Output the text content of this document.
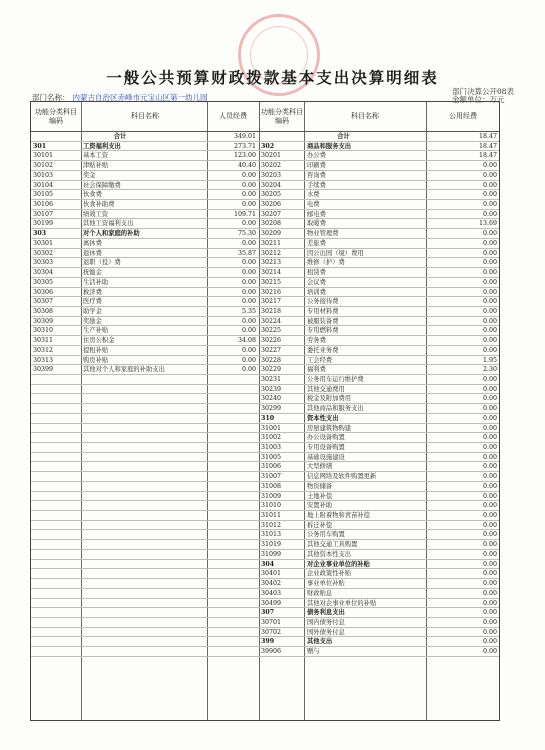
一般公共预算财政拨款基本支出决算明细表
部门名称： 内蒙古自治区赤峰市元宝山区第一幼儿园
部门决算公开08表
金额单位：万元
功能分类科目编码
科目名称	人员经费	功能分类科目编码
科目名称	公用经费
合计	349.01	合计	18.47
301	工资福利支出	273.71 302	商品和服务支出	18.47
30101	基本工资	123.00 30201	办公费	18.47
30102	津贴补贴	40.40 30202	印刷费	0.00
30103	奖金	0.00 30203	咨询费	0.00
30104	社会保障缴费	0.00 30204	手续费	0.00
30105	伙食费	0.00 30205	水费	0.00
30106	伙食补助费	0.00 30206	电费	0.00
30107	绩效工资	109.71 30207	邮电费	0.00
30199	其他工资福利支出	0.00 30208	取暖费	13.69
303	对个人和家庭的补助	75.30 30209	物业管理费	0.00
30301	离休费	0.00 30211	差旅费	0.00
30302	退休费	35.87 30212	因公出国（境）费用	0.00
30303	退职（役）费	0.00 30213	维修（护）费	0.00
30304	抚恤金	0.00 30214	租赁费	0.00
30305	生活补助	0.00 30215	会议费	0.00
30306	救济费	0.00 30216	培训费	0.00
30307	医疗费	0.00 30217	公务接待费	0.00
30308	助学金	5.35 30218	专用材料费	0.00
30309	奖励金	0.00 30224	被服装备费	0.00
30310	生产补贴	0.00 30225	专用燃料费	0.00
30311	住房公积金	34.08 30226	劳务费	0.00
30312	提租补贴	0.00 30227	委托业务费	0.00
30313	购房补贴	0.00 30228	工会经费	1.95
30399	其他对个人和家庭的补助支出	0.00 30229	福利费	2.30
30231	公务用车运行维护费	0.00
30239	其他交通费用	0.00
30240	税金及附加费用	0.00
30299	其他商品和服务支出	0.00
310	资本性支出	0.00
31001	房屋建筑物购建	0.00
31002	办公设备购置	0.00
31003	专用设备购置	0.00
31005	基础设施建设	0.00
31006	大型修缮	0.00
31007	信息网络及软件购置更新	0.00
31008	物资储备	0.00
31009	土地补偿	0.00
31010	安置补助	0.00
31011	地上附着物和青苗补偿	0.00
31012	拆迁补偿	0.00
31013	公务用车购置	0.00
31019	其他交通工具购置	0.00
31099	其他资本性支出	0.00
304	对企业事业单位的补贴	0.00
30401	企业政策性补贴	0.00
30402	事业单位补贴	0.00
30403	财政贴息	0.00
30499	其他对企事业单位的补贴	0.00
307	债务利息支出	0.00
30701	国内债务付息	0.00
30702	国外债务付息	0.00
399	其他支出	0.00
39906	赠与	0.00
